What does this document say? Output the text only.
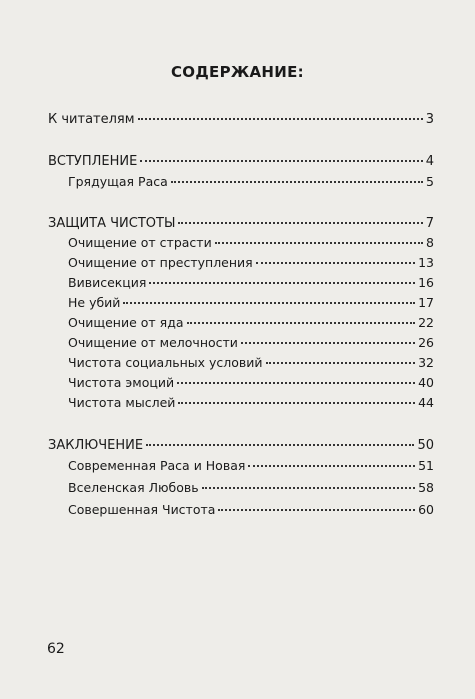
СОДЕРЖАНИЕ:
К читателям	3
ВСТУПЛЕНИЕ	4
Грядущая Раса	5
ЗАЩИТА ЧИСТОТЫ	7
Очищение от страсти	8
Очищение от преступления	13
Вивисекция	16
Не убий	17
Очищение от яда	22
Очищение от мелочности	26
Чистота социальных условий	32
Чистота эмоций	40
Чистота мыслей	44
ЗАКЛЮЧЕНИЕ	50
Современная Раса и Новая	51
Вселенская Любовь	58
Совершенная Чистота	60
62
